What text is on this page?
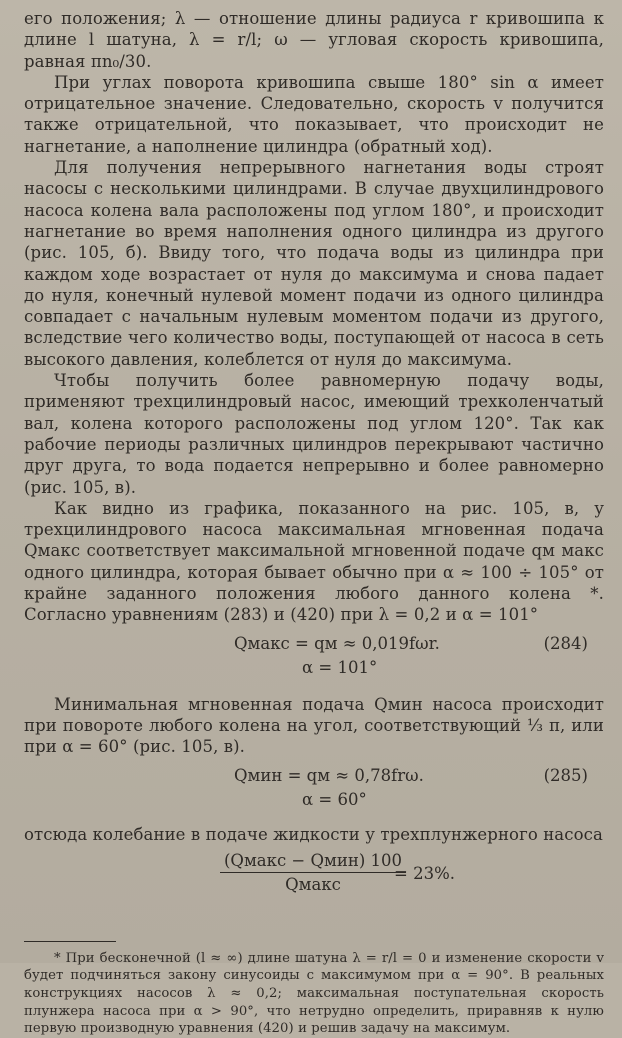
его положения; λ — отношение длины радиуса r кривошипа к длине l шатуна, λ = r/l; ω — угловая скорость кривошипа, равная πn₀/30.

При углах поворота кривошипа свыше 180° sin α имеет отрицательное значение. Следовательно, скорость v получится также отрицательной, что показывает, что происходит не нагнетание, а наполнение цилиндра (обратный ход).

Для получения непрерывного нагнетания воды строят насосы с несколькими цилиндрами. В случае двухцилиндрового насоса колена вала расположены под углом 180°, и происходит нагнетание во время наполнения одного цилиндра из другого (рис. 105, б). Ввиду того, что подача воды из цилиндра при каждом ходе возрастает от нуля до максимума и снова падает до нуля, конечный нулевой момент подачи из одного цилиндра совпадает с начальным нулевым моментом подачи из другого, вследствие чего количество воды, поступающей от насоса в сеть высокого давления, колеблется от нуля до максимума.

Чтобы получить более равномерную подачу воды, применяют трехцилиндровый насос, имеющий трехколенчатый вал, колена которого расположены под углом 120°. Так как рабочие периоды различных цилиндров перекрывают частично друг друга, то вода подается непрерывно и более равномерно (рис. 105, в).

Как видно из графика, показанного на рис. 105, в, у трехцилиндрового насоса максимальная мгновенная подача Qмакс соответствует максимальной мгновенной подаче qм макс одного цилиндра, которая бывает обычно при α ≈ 100 ÷ 105° от крайне заданного положения любого данного колена *. Согласно уравнениям (283) и (420) при λ = 0,2 и α = 101°

Qмакс = qм ≈ 0,019fωr.	(284)
α = 101°

Минимальная мгновенная подача Qмин насоса происходит при повороте любого колена на угол, соответствующий ⅓ π, или при α = 60° (рис. 105, в).

Qмин = qм ≈ 0,78frω.	(285)
α = 60°

отсюда колебание в подаче жидкости у трехплунжерного насоса

(Qмакс − Qмин) 100
Qмакс
= 23%.

* При бесконечной (l ≈ ∞) длине шатуна λ = r/l = 0 и изменение скорости v будет подчиняться закону синусоиды с максимумом при α = 90°. В реальных конструкциях насосов λ ≈ 0,2; максимальная поступательная скорость плунжера насоса при α > 90°, что нетрудно определить, приравняв к нулю первую производную уравнения (420) и решив задачу на максимум.
